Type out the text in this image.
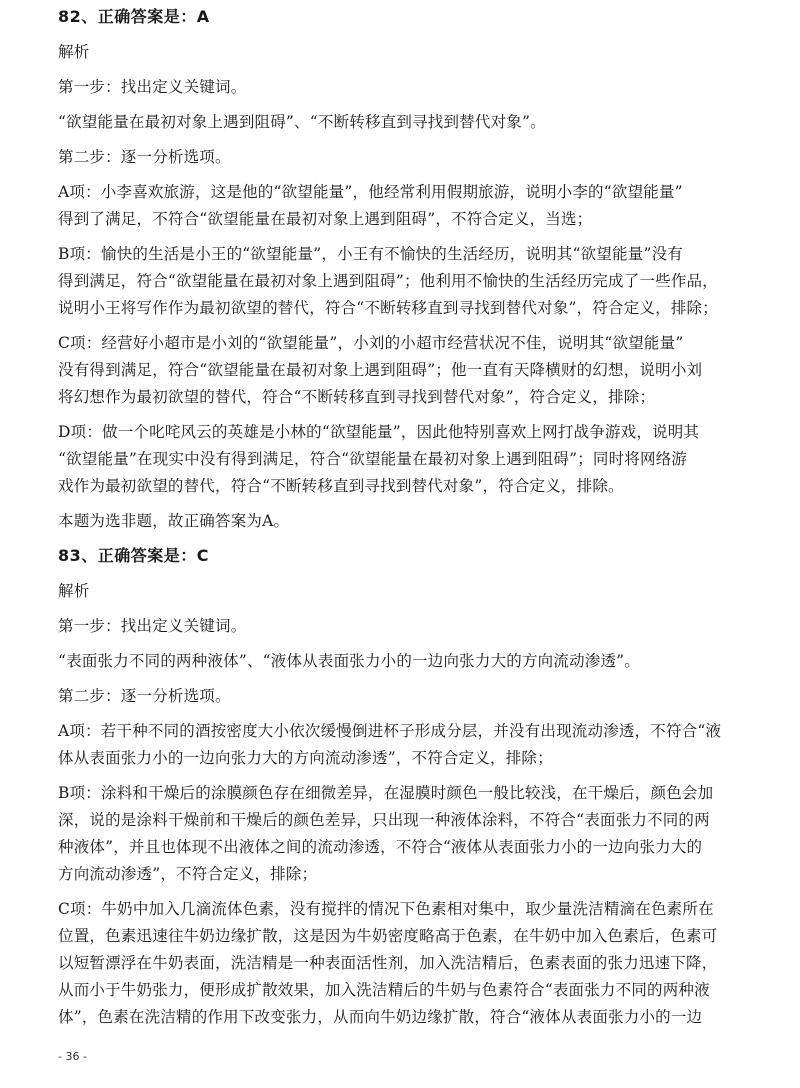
82、正确答案是：A
解析
第一步：找出定义关键词。
“欲望能量在最初对象上遇到阻碍”、“不断转移直到寻找到替代对象”。
第二步：逐一分析选项。
A项：小李喜欢旅游，这是他的“欲望能量”，他经常利用假期旅游，说明小李的“欲望能量”
得到了满足，不符合“欲望能量在最初对象上遇到阻碍”，不符合定义，当选；
B项：愉快的生活是小王的“欲望能量”，小王有不愉快的生活经历，说明其“欲望能量”没有
得到满足，符合“欲望能量在最初对象上遇到阻碍”；他利用不愉快的生活经历完成了一些作品，
说明小王将写作作为最初欲望的替代，符合“不断转移直到寻找到替代对象”，符合定义，排除；
C项：经营好小超市是小刘的“欲望能量”，小刘的小超市经营状况不佳，说明其“欲望能量”
没有得到满足，符合“欲望能量在最初对象上遇到阻碍”；他一直有天降横财的幻想，说明小刘
将幻想作为最初欲望的替代，符合“不断转移直到寻找到替代对象”，符合定义，排除；
D项：做一个叱咤风云的英雄是小林的“欲望能量”，因此他特别喜欢上网打战争游戏，说明其
“欲望能量”在现实中没有得到满足，符合“欲望能量在最初对象上遇到阻碍”；同时将网络游
戏作为最初欲望的替代，符合“不断转移直到寻找到替代对象”，符合定义，排除。
本题为选非题，故正确答案为A。
83、正确答案是：C
解析
第一步：找出定义关键词。
“表面张力不同的两种液体”、“液体从表面张力小的一边向张力大的方向流动渗透”。
第二步：逐一分析选项。
A项：若干种不同的酒按密度大小依次缓慢倒进杯子形成分层，并没有出现流动渗透，不符合“液
体从表面张力小的一边向张力大的方向流动渗透”，不符合定义，排除；
B项：涂料和干燥后的涂膜颜色存在细微差异，在湿膜时颜色一般比较浅，在干燥后，颜色会加
深，说的是涂料干燥前和干燥后的颜色差异，只出现一种液体涂料，不符合“表面张力不同的两
种液体”，并且也体现不出液体之间的流动渗透，不符合“液体从表面张力小的一边向张力大的
方向流动渗透”，不符合定义，排除；
C项：牛奶中加入几滴流体色素，没有搅拌的情况下色素相对集中，取少量洗洁精滴在色素所在
位置，色素迅速往牛奶边缘扩散，这是因为牛奶密度略高于色素，在牛奶中加入色素后，色素可
以短暂漂浮在牛奶表面，洗洁精是一种表面活性剂，加入洗洁精后，色素表面的张力迅速下降，
从而小于牛奶张力，便形成扩散效果，加入洗洁精后的牛奶与色素符合“表面张力不同的两种液
体”，色素在洗洁精的作用下改变张力，从而向牛奶边缘扩散，符合“液体从表面张力小的一边
- 36 -
